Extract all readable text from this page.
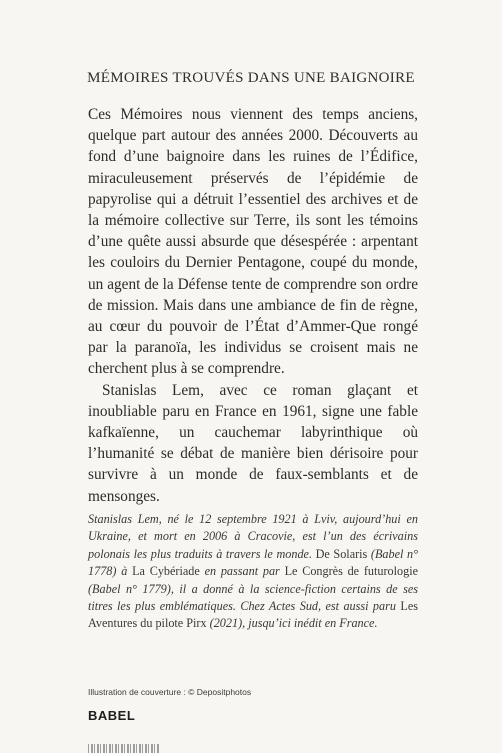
MÉMOIRES TROUVÉS DANS UNE BAIGNOIRE

Ces Mémoires nous viennent des temps anciens, quelque part autour des années 2000. Découverts au fond d’une baignoire dans les ruines de l’Édifice, miraculeusement préservés de l’épidémie de papyrolise qui a détruit l’essentiel des archives et de la mémoire collective sur Terre, ils sont les témoins d’une quête aussi absurde que désespérée : arpentant les couloirs du Dernier Pentagone, coupé du monde, un agent de la Défense tente de comprendre son ordre de mission. Mais dans une ambiance de fin de règne, au cœur du pouvoir de l’État d’Ammer-Que rongé par la paranoïa, les individus se croisent mais ne cherchent plus à se comprendre.

Stanislas Lem, avec ce roman glaçant et inoubliable paru en France en 1961, signe une fable kafkaïenne, un cauchemar labyrinthique où l’humanité se débat de manière bien dérisoire pour survivre à un monde de faux-semblants et de mensonges.

Stanislas Lem, né le 12 septembre 1921 à Lviv, aujourd’hui en Ukraine, et mort en 2006 à Cracovie, est l’un des écrivains polonais les plus traduits à travers le monde. De Solaris (Babel n° 1778) à La Cybériade en passant par Le Congrès de futurologie (Babel n° 1779), il a donné à la science-fiction certains de ses titres les plus emblématiques. Chez Actes Sud, est aussi paru Les Aventures du pilote Pirx (2021), jusqu’ici inédit en France.
Illustration de couverture : © Depositphotos
BABEL
